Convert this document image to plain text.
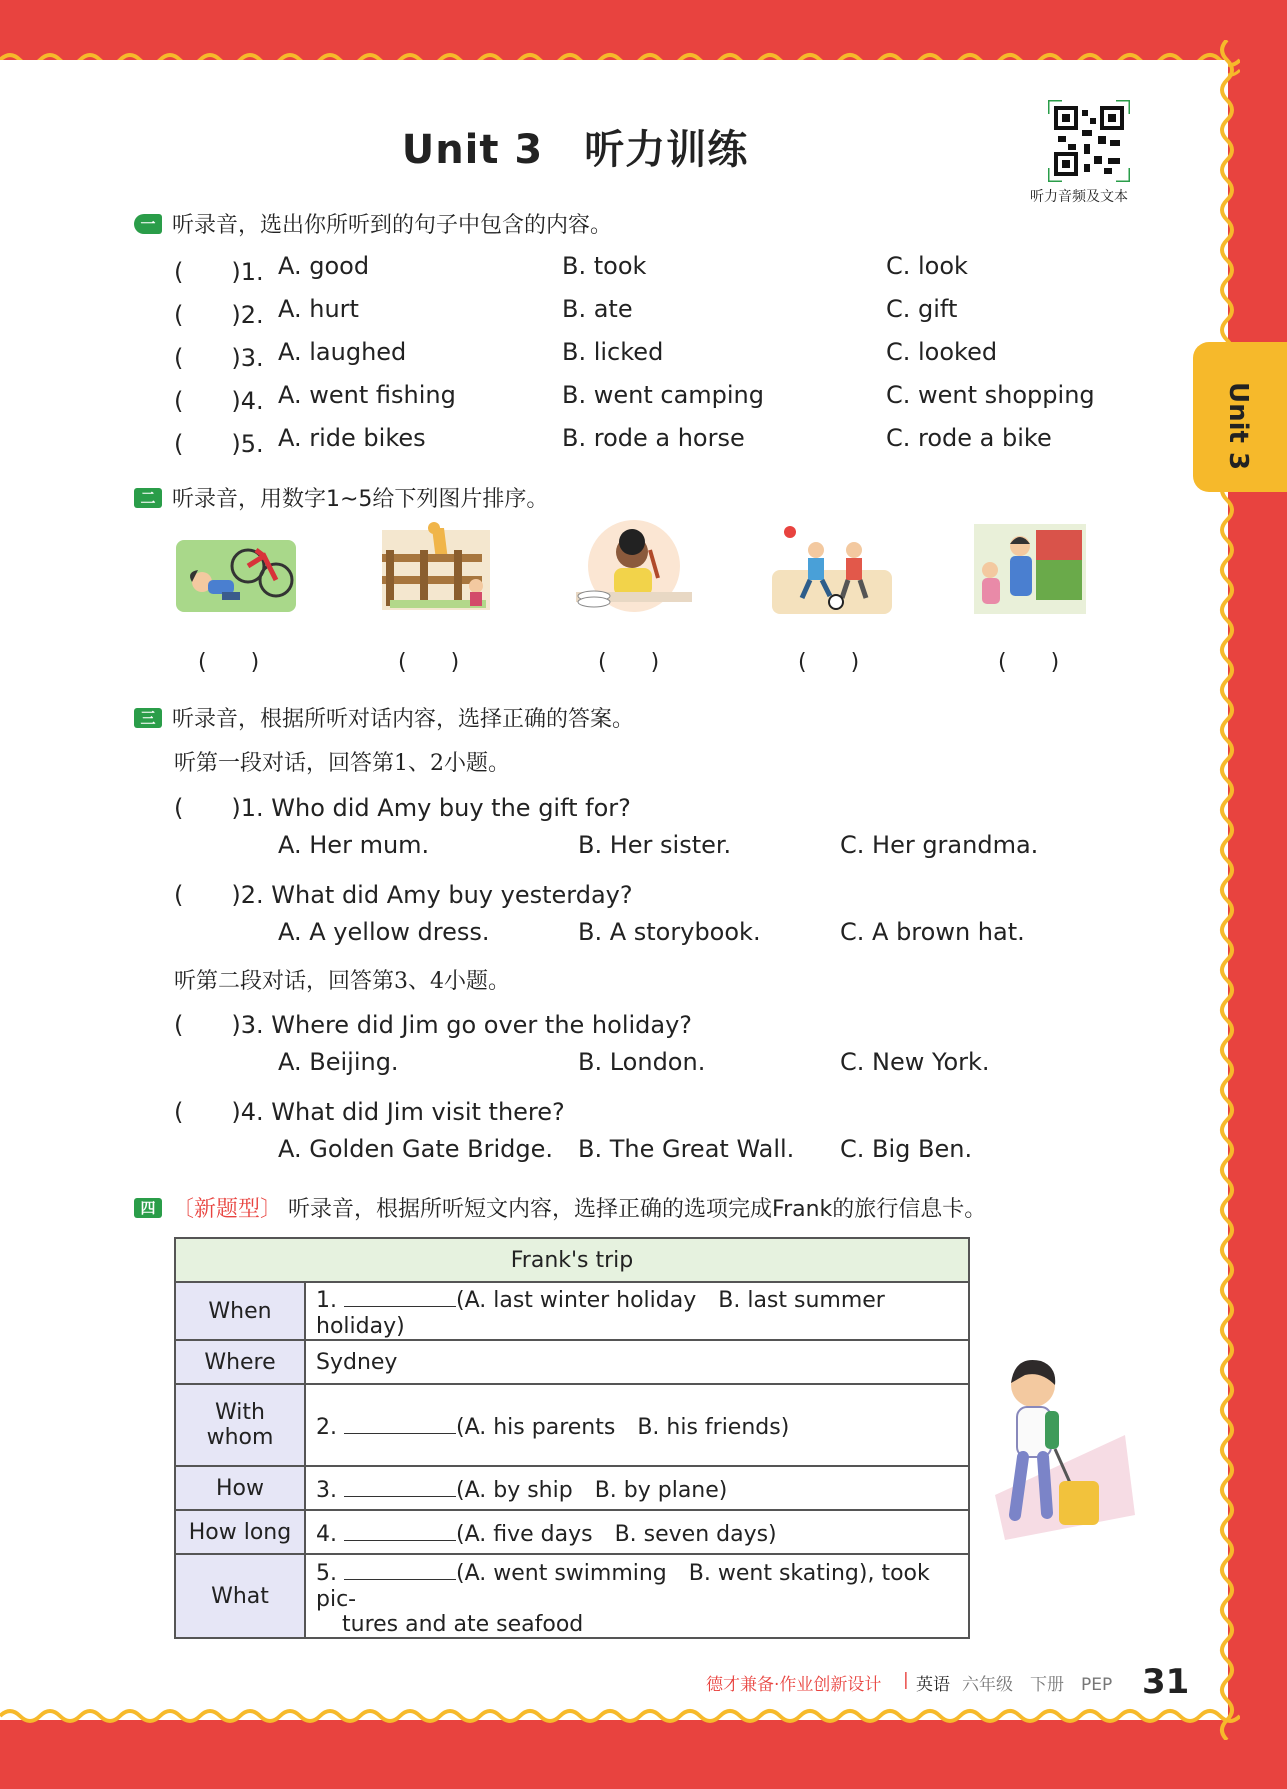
Unit 3　听力训练
听力音频及文本
Unit 3
一 听录音，选出你所听到的句子中包含的内容。
(　　)1. A. good	B. took	C. look
(　　)2. A. hurt	B. ate	C. gift
(　　)3. A. laughed	B. licked	C. looked
(　　)4. A. went fishing	B. went camping	C. went shopping
(　　)5. A. ride bikes	B. rode a horse	C. rode a bike
二 听录音，用数字1~5给下列图片排序。
(　　)	(　　)	(　　)	(　　)	(　　)
三 听录音，根据所听对话内容，选择正确的答案。
听第一段对话，回答第1、2小题。
(　　)1. Who did Amy buy the gift for?
A. Her mum.	B. Her sister.	C. Her grandma.
(　　)2. What did Amy buy yesterday?
A. A yellow dress.	B. A storybook.	C. A brown hat.
听第二段对话，回答第3、4小题。
(　　)3. Where did Jim go over the holiday?
A. Beijing.	B. London.	C. New York.
(　　)4. What did Jim visit there?
A. Golden Gate Bridge. B. The Great Wall. C. Big Ben.
四 〔新题型〕 听录音，根据所听短文内容，选择正确的选项完成Frank的旅行信息卡。
Frank's trip	
When	1. (A. last winter holiday　B. last summer holiday)
Where	Sydney
With whom	2. (A. his parents　B. his friends)
How	3. (A. by ship　B. by plane)
How long	4. (A. five days　B. seven days)
What	5. (A. went swimming　B. went skating), took pic-
tures and ate seafood
德才兼备·作业创新设计 | 英语 六年级　下册　PEP 31
